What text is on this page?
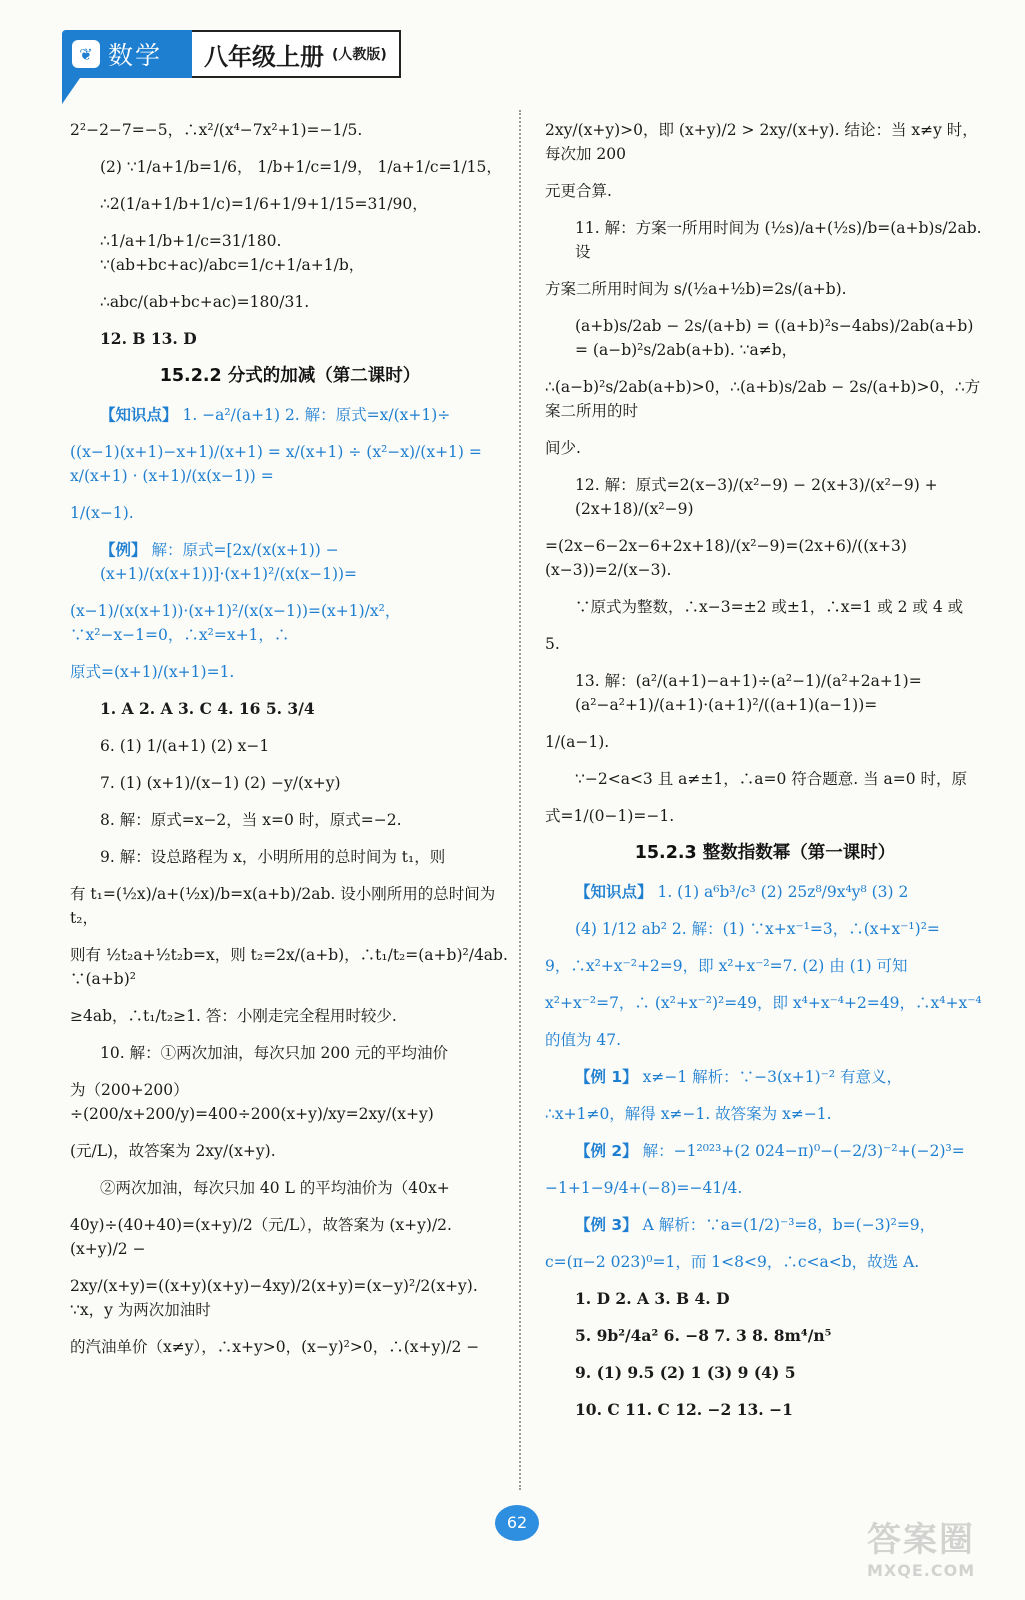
❦ 数学 八年级上册 (人教版)

2²−2−7=−5，∴x²/(x⁴−7x²+1)=−1/5.

(2) ∵1/a+1/b=1/6， 1/b+1/c=1/9， 1/a+1/c=1/15，

∴2(1/a+1/b+1/c)=1/6+1/9+1/15=31/90，

∴1/a+1/b+1/c=31/180. ∵(ab+bc+ac)/abc=1/c+1/a+1/b，

∴abc/(ab+bc+ac)=180/31.

12. B 13. D

15.2.2 分式的加减（第二课时）

【知识点】 1. −a²/(a+1) 2. 解：原式=x/(x+1)÷

((x−1)(x+1)−x+1)/(x+1) = x/(x+1) ÷ (x²−x)/(x+1) = x/(x+1) · (x+1)/(x(x−1)) =

1/(x−1).

【例】 解：原式=[2x/(x(x+1)) − (x+1)/(x(x+1))]·(x+1)²/(x(x−1))=

(x−1)/(x(x+1))·(x+1)²/(x(x−1))=(x+1)/x²，∵x²−x−1=0，∴x²=x+1，∴

原式=(x+1)/(x+1)=1.

1. A 2. A 3. C 4. 16 5. 3/4

6. (1) 1/(a+1) (2) x−1

7. (1) (x+1)/(x−1) (2) −y/(x+y)

8. 解：原式=x−2，当 x=0 时，原式=−2.

9. 解：设总路程为 x，小明所用的总时间为 t₁，则

有 t₁=(½x)/a+(½x)/b=x(a+b)/2ab. 设小刚所用的总时间为 t₂，

则有 ½t₂a+½t₂b=x，则 t₂=2x/(a+b)，∴t₁/t₂=(a+b)²/4ab. ∵(a+b)²

≥4ab，∴t₁/t₂≥1. 答：小刚走完全程用时较少.

10. 解：①两次加油，每次只加 200 元的平均油价

为（200+200）÷(200/x+200/y)=400÷200(x+y)/xy=2xy/(x+y)

(元/L)，故答案为 2xy/(x+y).

②两次加油，每次只加 40 L 的平均油价为（40x+

40y)÷(40+40)=(x+y)/2（元/L），故答案为 (x+y)/2. (x+y)/2 −

2xy/(x+y)=((x+y)(x+y)−4xy)/2(x+y)=(x−y)²/2(x+y). ∵x，y 为两次加油时

的汽油单价（x≠y），∴x+y>0，(x−y)²>0，∴(x+y)/2 −

2xy/(x+y)>0，即 (x+y)/2 > 2xy/(x+y). 结论：当 x≠y 时，每次加 200

元更合算.

11. 解：方案一所用时间为 (½s)/a+(½s)/b=(a+b)s/2ab. 设

方案二所用时间为 s/(½a+½b)=2s/(a+b).

(a+b)s/2ab − 2s/(a+b) = ((a+b)²s−4abs)/2ab(a+b) = (a−b)²s/2ab(a+b). ∵a≠b，

∴(a−b)²s/2ab(a+b)>0，∴(a+b)s/2ab − 2s/(a+b)>0，∴方案二所用的时

间少.

12. 解：原式=2(x−3)/(x²−9) − 2(x+3)/(x²−9) + (2x+18)/(x²−9)

=(2x−6−2x−6+2x+18)/(x²−9)=(2x+6)/((x+3)(x−3))=2/(x−3).

∵原式为整数，∴x−3=±2 或±1，∴x=1 或 2 或 4 或

5.

13. 解：(a²/(a+1)−a+1)÷(a²−1)/(a²+2a+1)=(a²−a²+1)/(a+1)·(a+1)²/((a+1)(a−1))=

1/(a−1).

∵−2<a<3 且 a≠±1，∴a=0 符合题意. 当 a=0 时，原

式=1/(0−1)=−1.

15.2.3 整数指数幂（第一课时）

【知识点】 1. (1) a⁶b³/c³ (2) 25z⁸/9x⁴y⁸ (3) 2

(4) 1/12 ab² 2. 解：(1) ∵x+x⁻¹=3，∴(x+x⁻¹)²=

9，∴x²+x⁻²+2=9，即 x²+x⁻²=7. (2) 由 (1) 可知

x²+x⁻²=7，∴ (x²+x⁻²)²=49，即 x⁴+x⁻⁴+2=49，∴x⁴+x⁻⁴

的值为 47.

【例 1】 x≠−1 解析：∵−3(x+1)⁻² 有意义，

∴x+1≠0，解得 x≠−1. 故答案为 x≠−1.

【例 2】 解：−1²⁰²³+(2 024−π)⁰−(−2/3)⁻²+(−2)³=

−1+1−9/4+(−8)=−41/4.

【例 3】 A 解析：∵a=(1/2)⁻³=8，b=(−3)²=9，

c=(π−2 023)⁰=1，而 1<8<9，∴c<a<b，故选 A.

1. D 2. A 3. B 4. D

5. 9b²/4a² 6. −8 7. 3 8. 8m⁴/n⁵

9. (1) 9.5 (2) 1 (3) 9 (4) 5

10. C 11. C 12. −2 13. −1

62	答案圈
MXQE.COM
